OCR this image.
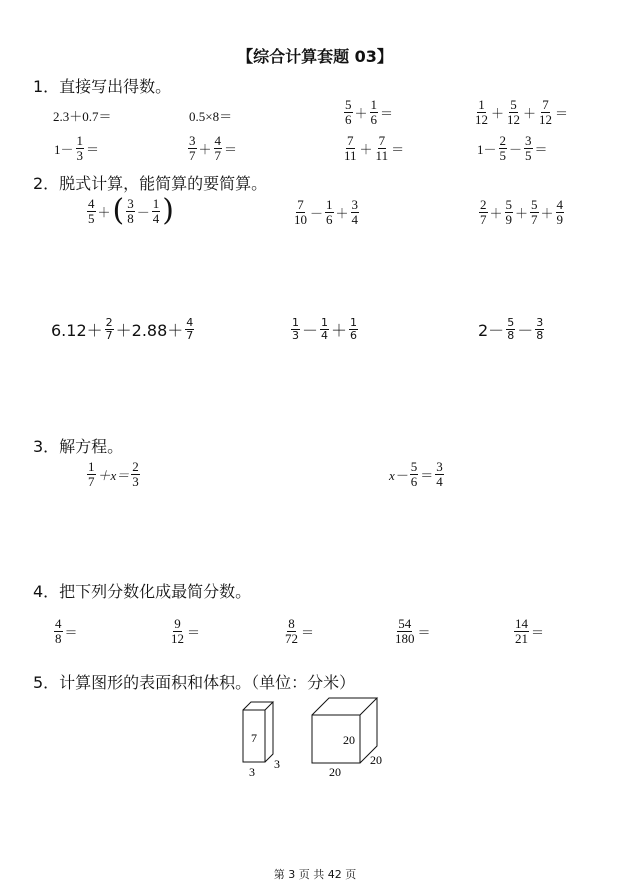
【综合计算套题 03】
1．直接写出得数。
2.3＋0.7＝	0.5×8＝	$\frac{5}{6} + \frac{1}{6}$ ＝	$\frac{1}{12} + \frac{5}{12} + \frac{7}{12}$ ＝
$1- \frac{1}{3}$ ＝	$\frac{3}{7} + \frac{4}{7}$ ＝	$\frac{7}{11} + \frac{7}{11}$ ＝	$1- \frac{2}{5} - \frac{3}{5}$ ＝
2．脱式计算，能简算的要简算。
$\frac{4}{5}$ ＋ ( $\frac{3}{8} - \frac{1}{4}$ )	$\frac{7}{10} - \frac{1}{6} + \frac{3}{4}$	$\frac{2}{7} + \frac{5}{9} + \frac{5}{7} + \frac{4}{9}$
$6.12+ \frac{2}{7} +2.88+ \frac{4}{7}$	$\frac{1}{3} - \frac{1}{4} + \frac{1}{6}$	$2- \frac{5}{8} - \frac{3}{8}$
3．解方程。
$\frac{1}{7} +x= \frac{2}{3}$	$x- \frac{5}{6} = \frac{3}{4}$
4．把下列分数化成最简分数。
$\frac{4}{8}$ ＝	$\frac{9}{12}$ ＝	$\frac{8}{72}$ ＝	$\frac{54}{180}$ ＝	$\frac{14}{21}$ ＝
5．计算图形的表面积和体积。（单位：分米）
7
3
3
20
20
20
第 3 页 共 42 页
